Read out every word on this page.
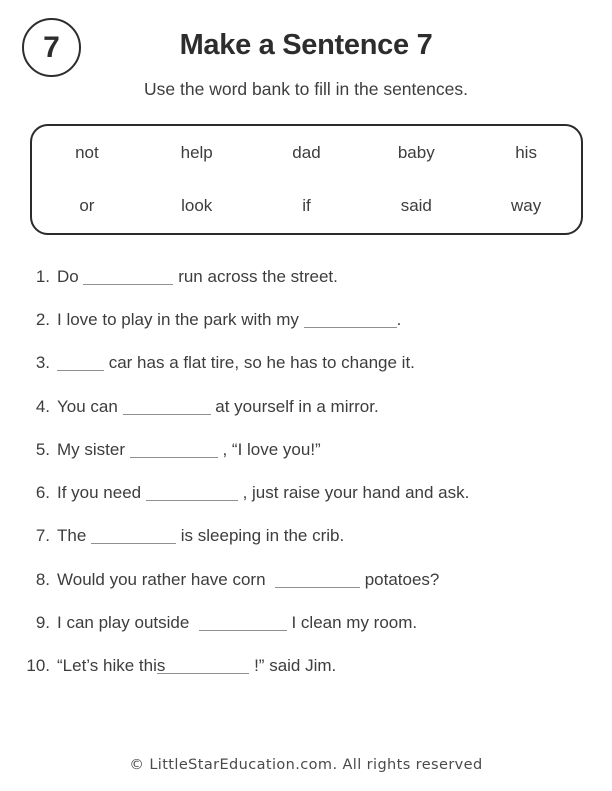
7	Make a Sentence 7

Use the word bank to fill in the sentences.

not	help	dad	baby	his
or	look	if	said	way
1. Do	run across the street.
2. I love to play in the park with my	.
3.	car has a flat tire, so he has to change it.
4. You can	at yourself in a mirror.
5. My sister	, “I love you!”
6. If you need	, just raise your hand and ask.
7. The	is sleeping in the crib.
8. Would you rather have corn	potatoes?
9. I can play outside	I clean my room.
10. “Let’s hike this	!” said Jim.
© LittleStarEducation.com. All rights reserved
